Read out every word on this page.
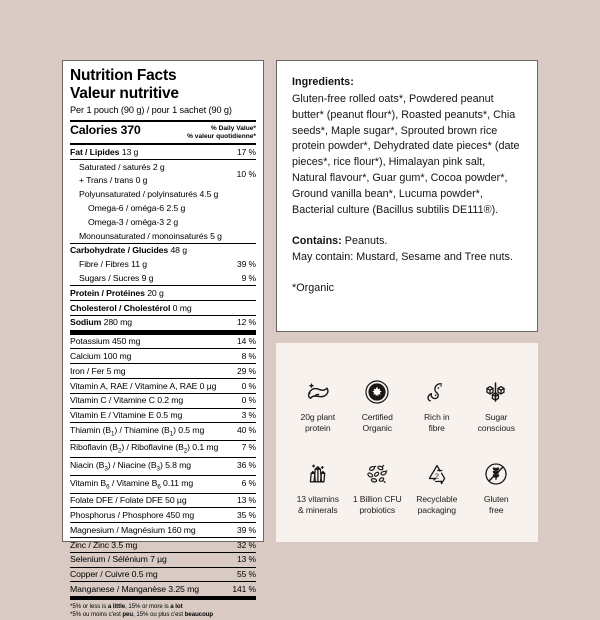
Nutrition Facts
Valeur nutritive
Per 1 pouch (90 g) / pour 1 sachet (90 g)
Calories 370	% Daily Value*
% valeur quotidienne*
Fat / Lipides 13 g	17 %
Saturated / saturés 2 g
+ Trans / trans 0 g
10 %
Polyunsaturated / polyinsaturés 4.5 g
Omega-6 / oméga-6 2.5 g
Omega-3 / oméga-3 2 g
Monounsaturated / monoinsaturés 5 g
Carbohydrate / Glucides 48 g
Fibre / Fibres 11 g	39 %
Sugars / Sucres 9 g	9 %
Protein / Protéines 20 g
Cholesterol / Cholestérol 0 mg
Sodium 280 mg	12 %
Potassium 450 mg	14 %
Calcium 100 mg	8 %
Iron / Fer 5 mg	29 %
Vitamin A, RAE / Vitamine A, RAE 0 µg	0 %
Vitamin C / Vitamine C 0.2 mg	0 %
Vitamin E / Vitamine E 0.5 mg	3 %
Thiamin $(B_1)$ / Thiamine $(B_1)$ 0.5 mg	40 %
Riboflavin $(B_2)$ / Riboflavine $(B_2)$ 0.1 mg	7 %
Niacin $(B_3)$ / Niacine $(B_3)$ 5.8 mg	36 %
Vitamin $B_6$ / Vitamine $B_6$ 0.11 mg	6 %
Folate DFE / Folate DFE 50 µg	13 %
Phosphorus / Phosphore 450 mg	35 %
Magnesium / Magnésium 160 mg	39 %
Zinc / Zinc 3.5 mg	32 %
Selenium / Sélénium 7 µg	13 %
Copper / Cuivre 0.5 mg	55 %
Manganese / Manganèse 3.25 mg	141 %
*5% or less is a little, 15% or more is a lot
*5% ou moins c'est peu, 15% ou plus c'est beaucoup
Ingredients:
Gluten-free rolled oats*, Powdered peanut butter* (peanut flour*), Roasted peanuts*, Chia seeds*, Maple sugar*, Sprouted brown rice protein powder*, Dehydrated date pieces* (date pieces*, rice flour*), Himalayan pink salt, Natural flavour*, Guar gum*, Cocoa powder*, Ground vanilla bean*, Lucuma powder*, Bacterial culture (Bacillus subtilis DE111®).
Contains: Peanuts.
May contain: Mustard, Sesame and Tree nuts.
*Organic
20g plant
protein
Certified
Organic
Rich in
fibre
Sugar
conscious
13 vitamins
& minerals
1 Billion CFU
probiotics
2
Recyclable
packaging
Gluten
free
